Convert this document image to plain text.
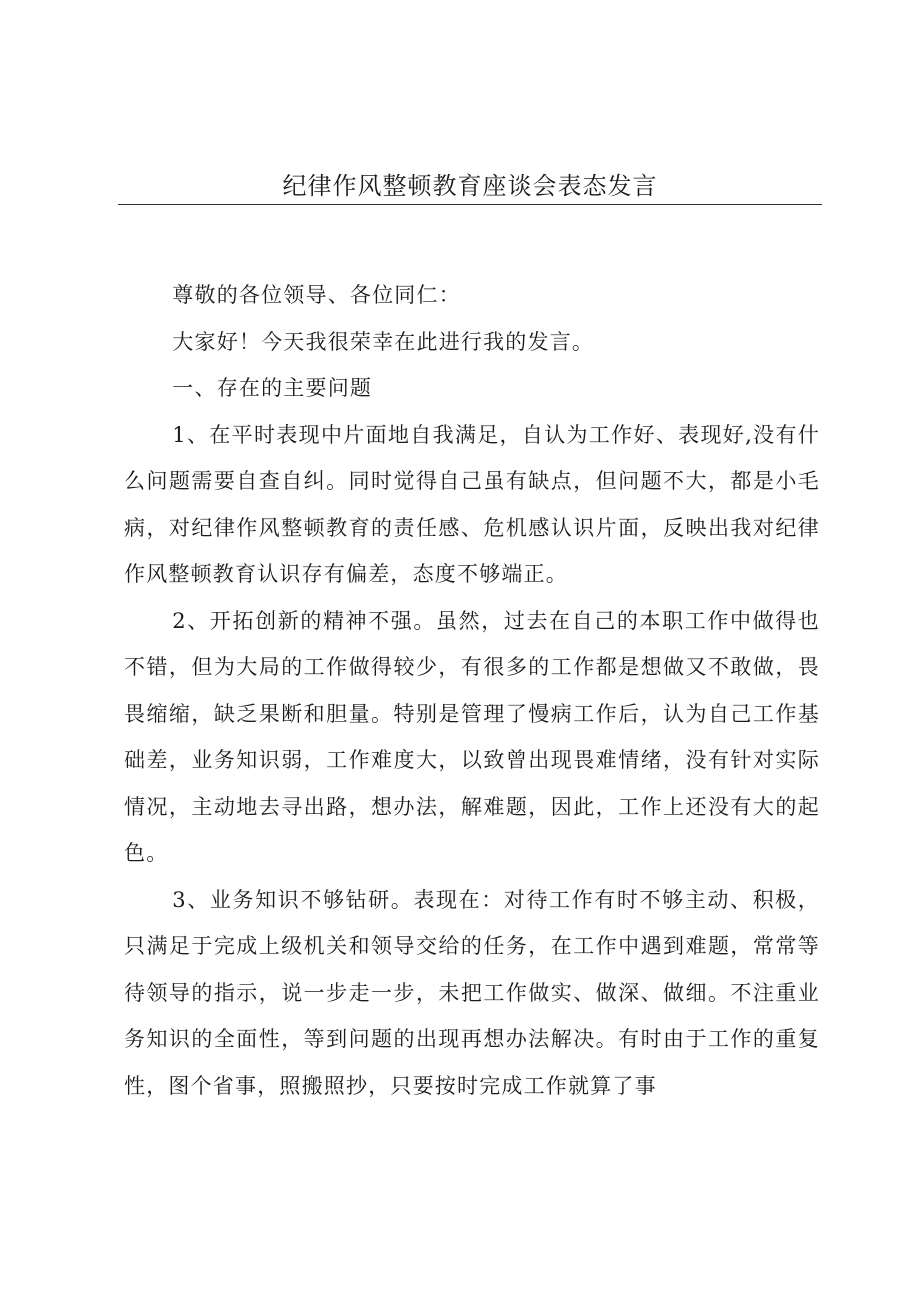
纪律作风整顿教育座谈会表态发言

尊敬的各位领导、各位同仁：

大家好！今天我很荣幸在此进行我的发言。

一、存在的主要问题

1、在平时表现中片面地自我满足，自认为工作好、表现好,没有什么问题需要自查自纠。同时觉得自己虽有缺点，但问题不大，都是小毛病，对纪律作风整顿教育的责任感、危机感认识片面，反映出我对纪律作风整顿教育认识存有偏差，态度不够端正。

2、开拓创新的精神不强。虽然，过去在自己的本职工作中做得也不错，但为大局的工作做得较少，有很多的工作都是想做又不敢做，畏畏缩缩，缺乏果断和胆量。特别是管理了慢病工作后，认为自己工作基础差，业务知识弱，工作难度大，以致曾出现畏难情绪，没有针对实际情况，主动地去寻出路，想办法，解难题，因此，工作上还没有大的起色。

3、业务知识不够钻研。表现在：对待工作有时不够主动、积极，只满足于完成上级机关和领导交给的任务，在工作中遇到难题，常常等待领导的指示，说一步走一步，未把工作做实、做深、做细。不注重业务知识的全面性，等到问题的出现再想办法解决。有时由于工作的重复性，图个省事，照搬照抄，只要按时完成工作就算了事
